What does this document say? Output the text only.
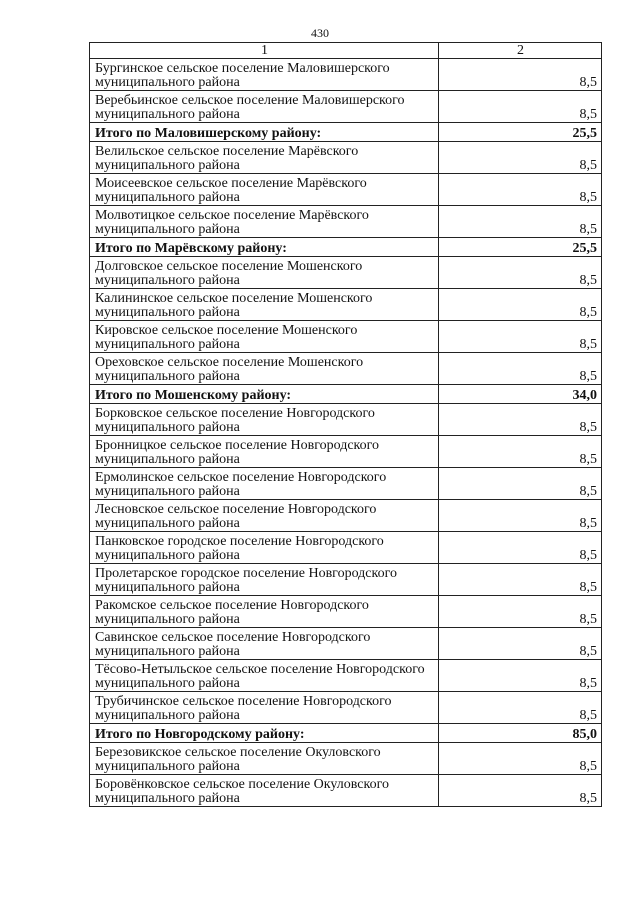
430
1	2
Бургинское сельское поселение Маловишерского муниципального района	8,5
Веребьинское сельское поселение Маловишерского муниципального района	8,5
Итого по Маловишерскому району:	25,5
Велильское сельское поселение Марёвского муниципального района	8,5
Моисеевское сельское поселение Марёвского муниципального района	8,5
Молвотицкое сельское поселение Марёвского муниципального района	8,5
Итого по Марёвскому району:	25,5
Долговское сельское поселение Мошенского муниципального района	8,5
Калининское сельское поселение Мошенского муниципального района	8,5
Кировское сельское поселение Мошенского муниципального района	8,5
Ореховское сельское поселение Мошенского муниципального района	8,5
Итого по Мошенскому району:	34,0
Борковское сельское поселение Новгородского муниципального района	8,5
Бронницкое сельское поселение Новгородского муниципального района	8,5
Ермолинское сельское поселение Новгородского муниципального района	8,5
Лесновское сельское поселение Новгородского муниципального района	8,5
Панковское городское поселение Новгородского муниципального района	8,5
Пролетарское городское поселение Новгородского муниципального района	8,5
Ракомское сельское поселение Новгородского муниципального района	8,5
Савинское сельское поселение Новгородского муниципального района	8,5
Тёсово-Нетыльское сельское поселение Новгородского муниципального района	8,5
Трубичинское сельское поселение Новгородского муниципального района	8,5
Итого по Новгородскому району:	85,0
Березовикское сельское поселение Окуловского муниципального района	8,5
Боровёнковское сельское поселение Окуловского муниципального района	8,5
